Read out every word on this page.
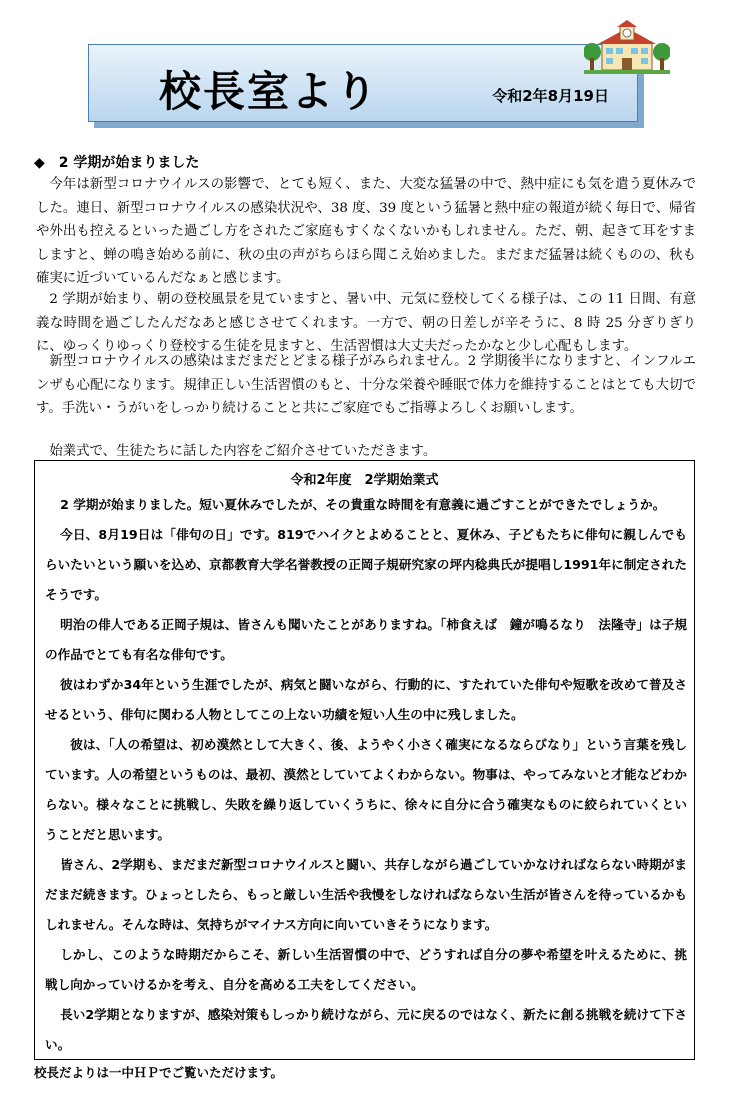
校長室より	令和2年8月19日
◆　2 学期が始まりました

今年は新型コロナウイルスの影響で、とても短く、また、大変な猛暑の中で、熱中症にも気を遣う夏休みでした。連日、新型コロナウイルスの感染状況や、38 度、39 度という猛暑と熱中症の報道が続く毎日で、帰省や外出も控えるといった過ごし方をされたご家庭もすくなくないかもしれません。ただ、朝、起きて耳をすましますと、蝉の鳴き始める前に、秋の虫の声がちらほら聞こえ始めました。まだまだ猛暑は続くものの、秋も確実に近づいているんだなぁと感じます。

2 学期が始まり、朝の登校風景を見ていますと、暑い中、元気に登校してくる様子は、この 11 日間、有意義な時間を過ごしたんだなあと感じさせてくれます。一方で、朝の日差しが辛そうに、8 時 25 分ぎりぎりに、ゆっくりゆっくり登校する生徒を見ますと、生活習慣は大丈夫だったかなと少し心配もします。

新型コロナウイルスの感染はまだまだとどまる様子がみられません。2 学期後半になりますと、インフルエンザも心配になります。規律正しい生活習慣のもと、十分な栄養や睡眠で体力を維持することはとても大切です。手洗い・うがいをしっかり続けることと共にご家庭でもご指導よろしくお願いします。

始業式で、生徒たちに話した内容をご紹介させていただきます。

令和2年度　2学期始業式

2 学期が始まりました。短い夏休みでしたが、その貴重な時間を有意義に過ごすことができたでしょうか。

今日、8月19日は「俳句の日」です。819でハイクとよめることと、夏休み、子どもたちに俳句に親しんでもらいたいという願いを込め、京都教育大学名誉教授の正岡子規研究家の坪内稔典氏が提唱し1991年に制定されたそうです。

明治の俳人である正岡子規は、皆さんも聞いたことがありますね。「柿食えば　鐘が鳴るなり　法隆寺」は子規の作品でとても有名な俳句です。

彼はわずか34年という生涯でしたが、病気と闘いながら、行動的に、すたれていた俳句や短歌を改めて普及させるという、俳句に関わる人物としてこの上ない功績を短い人生の中に残しました。

彼は、「人の希望は、初め漠然として大きく、後、ようやく小さく確実になるならびなり」という言葉を残しています。人の希望というものは、最初、漠然としていてよくわからない。物事は、やってみないと才能などわからない。様々なことに挑戦し、失敗を繰り返していくうちに、徐々に自分に合う確実なものに絞られていくということだと思います。

皆さん、2学期も、まだまだ新型コロナウイルスと闘い、共存しながら過ごしていかなければならない時期がまだまだ続きます。ひょっとしたら、もっと厳しい生活や我慢をしなければならない生活が皆さんを待っているかもしれません。そんな時は、気持ちがマイナス方向に向いていきそうになります。

しかし、このような時期だからこそ、新しい生活習慣の中で、どうすれば自分の夢や希望を叶えるために、挑戦し向かっていけるかを考え、自分を高める工夫をしてください。

長い2学期となりますが、感染対策もしっかり続けながら、元に戻るのではなく、新たに創る挑戦を続けて下さい。

校長だよりは一中ＨＰでご覧いただけます。
